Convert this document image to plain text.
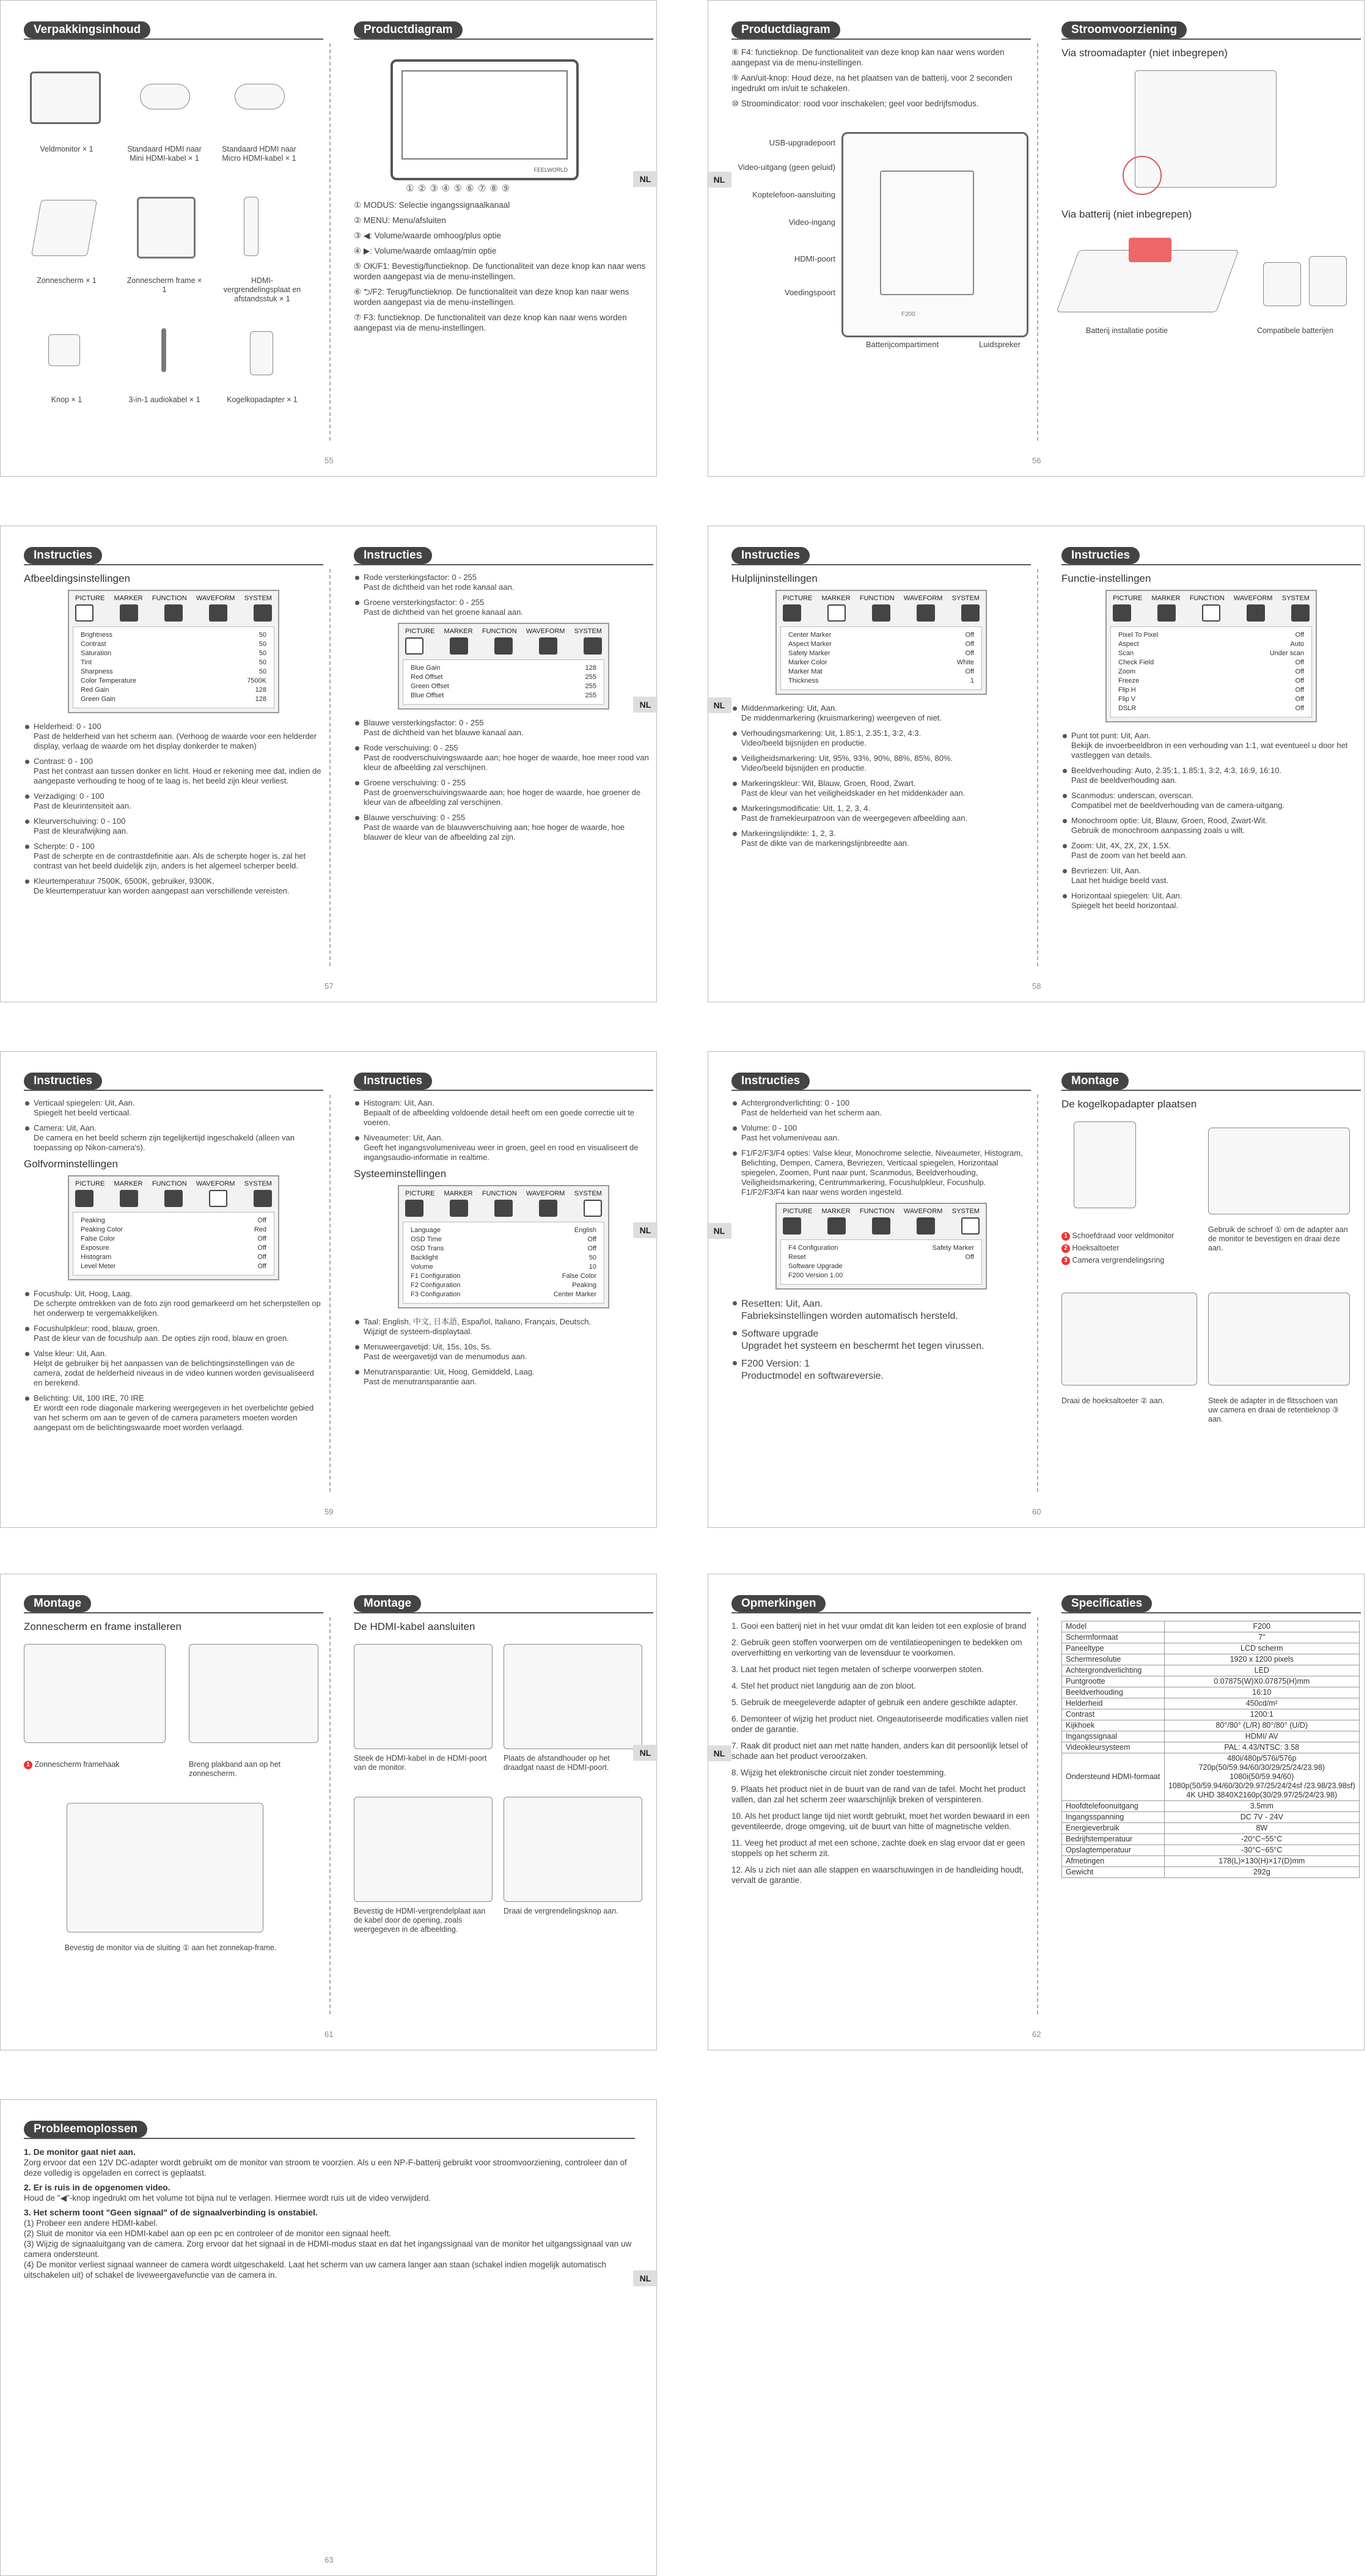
Verpakkingsinhoud
Veldmonitor × 1	Standaard HDMI naar Mini HDMI-kabel × 1
Standaard HDMI naar Micro HDMI-kabel × 1
Zonnescherm × 1	Zonnescherm frame × 1
HDMI-vergrendelingsplaat en afstandsstuk × 1
Knop × 1	3-in-1 audiokabel × 1	Kogelkopadapter × 1
Productdiagram
FEELWORLD
① ② ③ ④ ⑤ ⑥ ⑦ ⑧ ⑨

① MODUS: Selectie ingangssignaalkanaal

② MENU: Menu/afsluiten

③ ◀: Volume/waarde omhoog/plus optie

④ ▶: Volume/waarde omlaag/min optie

⑤ OK/F1: Bevestig/functieknop. De functionaliteit van deze knop kan naar wens worden aangepast via de menu-instellingen.

⑥ ⮌/F2: Terug/functieknop. De functionaliteit van deze knop kan naar wens worden aangepast via de menu-instellingen.

⑦ F3: functieknop. De functionaliteit van deze knop kan naar wens worden aangepast via de menu-instellingen.

55
NL	NL
Productdiagram

⑧ F4: functieknop. De functionaliteit van deze knop kan naar wens worden aangepast via de menu-instellingen.

⑨ Aan/uit-knop: Houd deze, na het plaatsen van de batterij, voor 2 seconden ingedrukt om in/uit te schakelen.

⑩ Stroomindicator: rood voor inschakelen; geel voor bedrijfsmodus.

F200
USB-upgradepoort
Video-uitgang (geen geluid)
Koptelefoon-aansluiting
Video-ingang
HDMI-poort
Voedingspoort
Batterijcompartiment	Luidspreker
Stroomvoorziening
Via stroomadapter (niet inbegrepen)
Via batterij (niet inbegrepen)
Batterij installatie positie	Compatibele batterijen
56
Instructies
Afbeeldingsinstellingen
PICTURE MARKER FUNCTION WAVEFORM SYSTEM
Brightness	50
Contrast	50
Saturation	50
Tint	50
Sharpness	50
Color Temperature	7500K
Red Gain	128
Green Gain	128
Helderheid: 0 - 100
Past de helderheid van het scherm aan. (Verhoog de waarde voor een helderder display, verlaag de waarde om het display donkerder te maken)
Contrast: 0 - 100
Past het contrast aan tussen donker en licht. Houd er rekening mee dat, indien de aangepaste verhouding te hoog of te laag is, het beeld zijn kleur verliest.
Verzadiging: 0 - 100
Past de kleurintensiteit aan.
Kleurverschuiving: 0 - 100
Past de kleurafwijking aan.
Scherpte: 0 - 100
Past de scherpte en de contrastdefinitie aan. Als de scherpte hoger is, zal het contrast van het beeld duidelijk zijn, anders is het algemeel scherper beeld.
Kleurtemperatuur 7500K, 6500K, gebruiker, 9300K.
De kleurtemperatuur kan worden aangepast aan verschillende vereisten.
Instructies
Rode versterkingsfactor: 0 - 255
Past de dichtheid van het rode kanaal aan.
Groene versterkingsfactor: 0 - 255
Past de dichtheid van het groene kanaal aan.
PICTURE MARKER FUNCTION WAVEFORM SYSTEM
Blue Gain	128
Red Offset	255
Green Offset	255
Blue Offset	255
Blauwe versterkingsfactor: 0 - 255
Past de dichtheid van het blauwe kanaal aan.
Rode verschuiving: 0 - 255
Past de roodverschuivingswaarde aan; hoe hoger de waarde, hoe meer rood van kleur de afbeelding zal verschijnen.
Groene verschuiving: 0 - 255
Past de groenverschuivingswaarde aan; hoe hoger de waarde, hoe groener de kleur van de afbeelding zal verschijnen.
Blauwe verschuiving: 0 - 255
Past de waarde van de blauwverschuiving aan; hoe hoger de waarde, hoe blauwer de kleur van de afbeelding zal zijn.
57
NL	NL
Instructies
Hulplijninstellingen
PICTURE MARKER FUNCTION WAVEFORM SYSTEM
Center Marker	Off
Aspect Marker	Off
Safety Marker	Off
Marker Color	White
Marker Mat	Off
Thickness	1
Middenmarkering: Uit, Aan.
De middenmarkering (kruismarkering) weergeven of niet.
Verhoudingsmarkering: Uit, 1.85:1, 2.35:1, 3:2, 4:3.
Video/beeld bijsnijden en productie.
Veiligheidsmarkering: Uit, 95%, 93%, 90%, 88%, 85%, 80%.
Video/beeld bijsnijden en productie.
Markeringskleur: Wit, Blauw, Groen, Rood, Zwart.
Past de kleur van het veiligheidskader en het middenkader aan.
Markeringsmodificatie: Uit, 1, 2, 3, 4.
Past de framekleurpatroon van de weergegeven afbeelding aan.
Markeringslijndikte: 1, 2, 3.
Past de dikte van de markeringslijnbreedte aan.
Instructies
Functie-instellingen
PICTURE MARKER FUNCTION WAVEFORM SYSTEM
Pixel To Pixel	Off
Aspect	Auto
Scan	Under scan
Check Field	Off
Zoom	Off
Freeze	Off
Flip H	Off
Flip V	Off
DSLR	Off
Punt tot punt: Uit, Aan.
Bekijk de invoerbeeldbron in een verhouding van 1:1, wat eventueel u door het vastleggen van details.
Beeldverhouding: Auto, 2.35:1, 1.85:1, 3:2, 4:3, 16:9, 16:10.
Past de beeldverhouding aan.
Scanmodus: underscan, overscan.
Compatibel met de beeldverhouding van de camera-uitgang.
Monochroom optie: Uit, Blauw, Groen, Rood, Zwart-Wit.
Gebruik de monochroom aanpassing zoals u wilt.
Zoom: Uit, 4X, 2X, 2X, 1.5X.
Past de zoom van het beeld aan.
Bevriezen: Uit, Aan.
Laat het huidige beeld vast.
Horizontaal spiegelen: Uit, Aan.
Spiegelt het beeld horizontaal.
58
Instructies
Verticaal spiegelen: Uit, Aan.
Spiegelt het beeld verticaal.
Camera: Uit, Aan.
De camera en het beeld scherm zijn tegelijkertijd ingeschakeld (alleen van toepassing op Nikon-camera's).
Golfvorminstellingen
PICTURE MARKER FUNCTION WAVEFORM SYSTEM
Peaking	Off
Peaking Color	Red
False Color	Off
Exposure	Off
Histogram	Off
Level Meter	Off
Focushulp: Uit, Hoog, Laag.
De scherpte omtrekken van de foto zijn rood gemarkeerd om het scherpstellen op het onderwerp te vergemakkelijken.
Focushulpkleur: rood, blauw, groen.
Past de kleur van de focushulp aan. De opties zijn rood, blauw en groen.
Valse kleur: Uit, Aan.
Helpt de gebruiker bij het aanpassen van de belichtingsinstellingen van de camera, zodat de helderheid niveaus in de video kunnen worden gevisualiseerd en berekend.
Belichting: Uit, 100 IRE, 70 IRE
Er wordt een rode diagonale markering weergegeven in het overbelichte gebied van het scherm om aan te geven of de camera parameters moeten worden aangepast om de belichtingswaarde moet worden verlaagd.
Instructies
Histogram: Uit, Aan.
Bepaalt of de afbeelding voldoende detail heeft om een goede correctie uit te voeren.
Niveaumeter: Uit, Aan.
Geeft het ingangsvolumeniveau weer in groen, geel en rood en visualiseert de ingangsaudio-informatie in realtime.
Systeeminstellingen
PICTURE MARKER FUNCTION WAVEFORM SYSTEM
Language	English
OSD Time	Off
OSD Trans	Off
Backlight	50
Volume	10
F1 Configuration	False Color
F2 Configuration	Peaking
F3 Configuration	Center Marker
Taal: English, 中文, 日本語, Español, Italiano, Français, Deutsch.
Wijzigt de systeem-displaytaal.
Menuweergavetijd: Uit, 15s, 10s, 5s.
Past de weergavetijd van de menumodus aan.
Menutransparantie: Uit, Hoog, Gemiddeld, Laag.
Past de menutransparantie aan.
59
NL	NL
Instructies
Achtergrondverlichting: 0 - 100
Past de helderheid van het scherm aan.
Volume: 0 - 100
Past het volumeniveau aan.
F1/F2/F3/F4 opties: Valse kleur, Monochrome selectie, Niveaumeter, Histogram, Belichting, Dempen, Camera, Bevriezen, Verticaal spiegelen, Horizontaal spiegelen, Zoomen, Punt naar punt, Scanmodus, Beeldverhouding, Veiligheidsmarkering, Centrummarkering, Focushulpkleur, Focushulp.
F1/F2/F3/F4 kan naar wens worden ingesteld.
PICTURE MARKER FUNCTION WAVEFORM SYSTEM
F4 Configuration	Safety Marker
Reset	Off
Software Upgrade
F200 Version 1.00
Resetten: Uit, Aan.
Fabrieksinstellingen worden automatisch hersteld.
Software upgrade
Upgradet het systeem en beschermt het tegen virussen.
F200 Version: 1
Productmodel en softwareversie.
Montage
De kogelkopadapter plaatsen
1 Schoefdraad voor veldmonitor
2 Hoeksaltoeter
3 Camera vergrendelingsring
Gebruik de schroef ① om de adapter aan de monitor te bevestigen en draai deze aan.
Draai de hoeksaltoeter ② aan.	Steek de adapter in de flitsschoen van uw camera en draai de retentieknop ③ aan.
60
Montage
Zonnescherm en frame installeren
1 Zonnescherm framehaak	Breng plakband aan op het zonnescherm.
Bevestig de monitor via de sluiting ① aan het zonnekap-frame.
Montage
De HDMI-kabel aansluiten
Steek de HDMI-kabel in de HDMI-poort van de monitor.
Plaats de afstandhouder op het draadgat naast de HDMI-poort.
Bevestig de HDMI-vergrendelplaat aan de kabel door de opening, zoals weergegeven in de afbeelding.
Draai de vergrendelingsknop aan.
61
NL	NL
Opmerkingen

1. Gooi een batterij niet in het vuur omdat dit kan leiden tot een explosie of brand

2. Gebruik geen stoffen voorwerpen om de ventilatieopeningen te bedekken om oververhitting en verkorting van de levensduur te voorkomen.

3. Laat het product niet tegen metalen of scherpe voorwerpen stoten.

4. Stel het product niet langdurig aan de zon bloot.

5. Gebruik de meegeleverde adapter of gebruik een andere geschikte adapter.

6. Demonteer of wijzig het product niet. Ongeautoriseerde modificaties vallen niet onder de garantie.

7. Raak dit product niet aan met natte handen, anders kan dit persoonlijk letsel of schade aan het product veroorzaken.

8. Wijzig het elektronische circuit niet zonder toestemming.

9. Plaats het product niet in de buurt van de rand van de tafel. Mocht het product vallen, dan zal het scherm zeer waarschijnlijk breken of verspinteren.

10. Als het product lange tijd niet wordt gebruikt, moet het worden bewaard in een geventileerde, droge omgeving, uit de buurt van hitte of magnetische velden.

11. Veeg het product af met een schone, zachte doek en slag ervoor dat er geen stoppels op het scherm zit.

12. Als u zich niet aan alle stappen en waarschuwingen in de handleiding houdt, vervalt de garantie.

Specificaties
Model	F200
Schermformaat	7"
Paneeltype	LCD scherm
Schermresolutie	1920 x 1200 pixels
Achtergrondverlichting	LED
Puntgrootte	0.07875(W)X0.07875(H)mm
Beeldverhouding	16:10
Helderheid	450cd/m²
Contrast	1200:1
Kijkhoek	80°/80° (L/R) 80°/80° (U/D)
Ingangssignaal	HDMI/ AV
Videokleursysteem	PAL: 4.43/NTSC: 3.58
Ondersteund HDMI-formaat	480i/480p/576i/576p
720p(50/59.94/60/30/29/25/24/23.98)
1080i(50/59.94/60)
1080p(50/59.94/60/30/29.97/25/24/24sf /23.98/23.98sf)
4K UHD 3840X2160p(30/29.97/25/24/23.98)

Hoofdtelefoonuitgang	3.5mm
Ingangsspanning	DC 7V - 24V
Energieverbruik	8W
Bedrijfstemperatuur	-20°C~55°C
Opslagtemperatuur	-30°C~65°C
Afmetingen	178(L)×130(H)×17(D)mm
Gewicht	292g
62
Probleemoplossen
1. De monitor gaat niet aan.
Zorg ervoor dat een 12V DC-adapter wordt gebruikt om de monitor van stroom te voorzien. Als u een NP-F-batterij gebruikt voor stroomvoorziening, controleer dan of deze volledig is opgeladen en correct is geplaatst.
2. Er is ruis in de opgenomen video.
Houd de "◀"-knop ingedrukt om het volume tot bijna nul te verlagen. Hiermee wordt ruis uit de video verwijderd.
3. Het scherm toont "Geen signaal" of de signaalverbinding is onstabiel.
(1) Probeer een andere HDMI-kabel.
(2) Sluit de monitor via een HDMI-kabel aan op een pc en controleer of de monitor een signaal heeft.
(3) Wijzig de signaaluitgang van de camera. Zorg ervoor dat het signaal in de HDMI-modus staat en dat het ingangssignaal van de monitor het uitgangssignaal van uw camera ondersteunt.
(4) De monitor verliest signaal wanneer de camera wordt uitgeschakeld. Laat het scherm van uw camera langer aan staan (schakel indien mogelijk automatisch uitschakelen uit) of schakel de liveweergavefunctie van de camera in.
63
NL
